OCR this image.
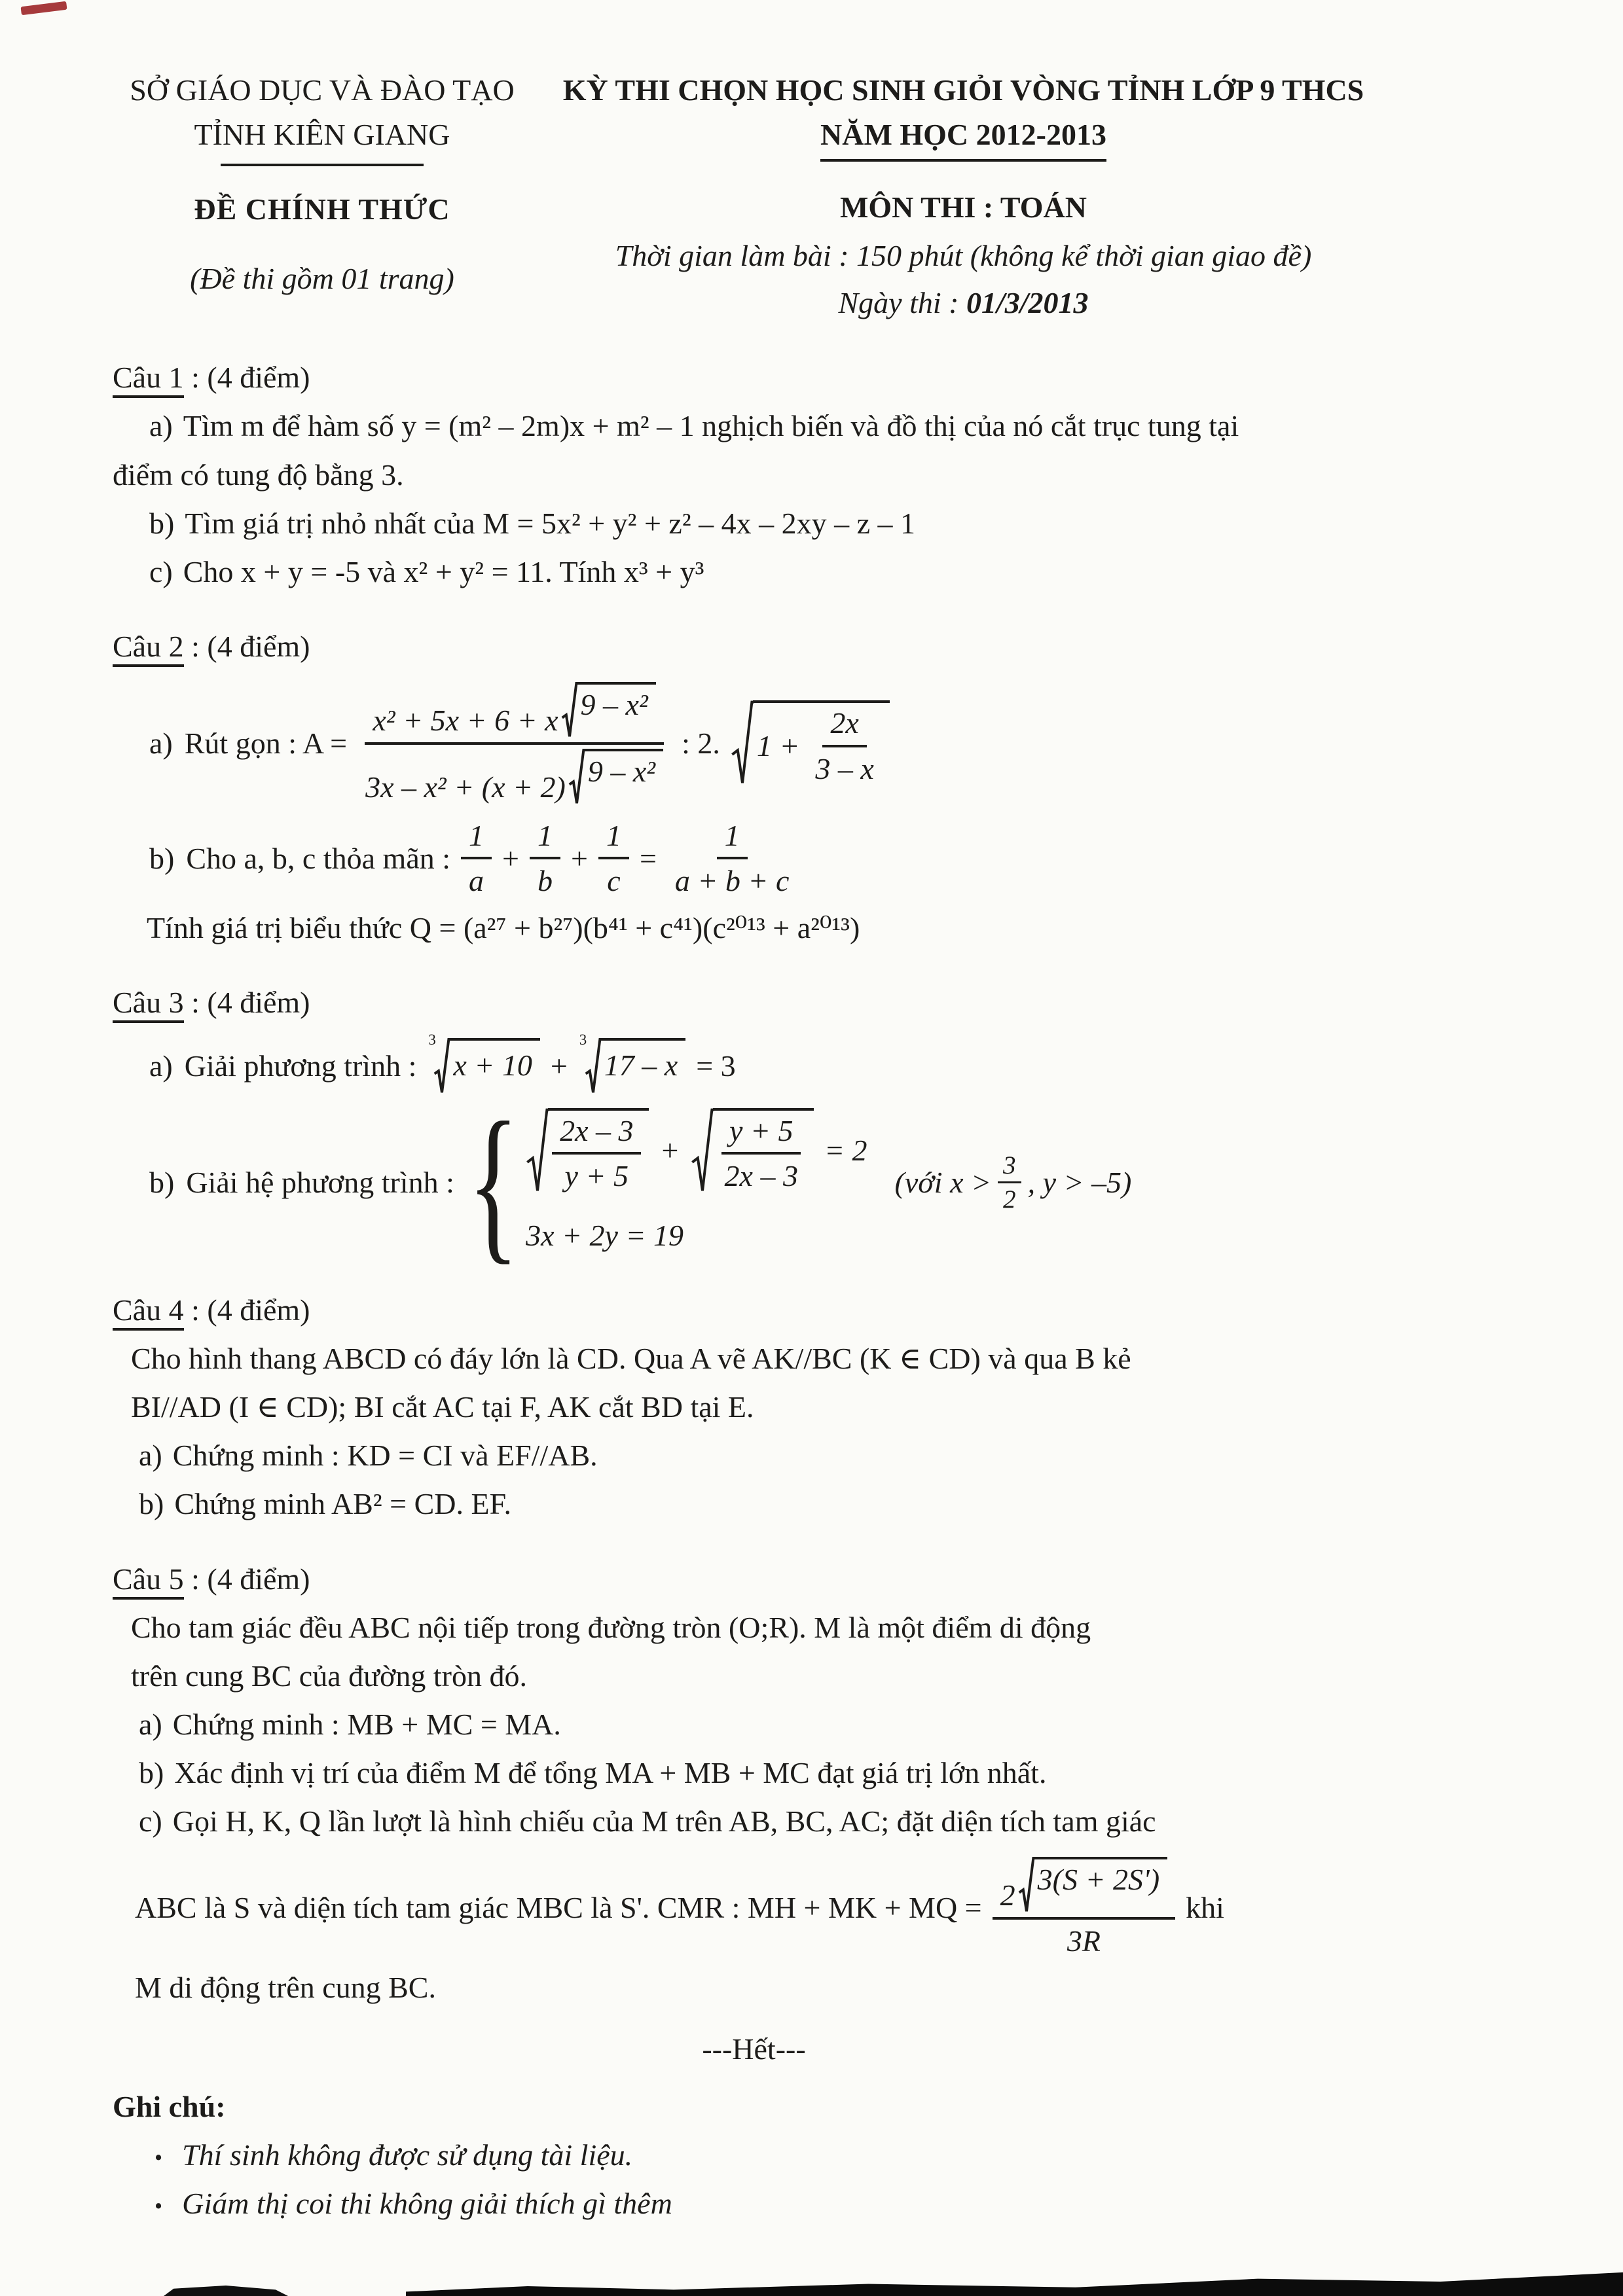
SỞ GIÁO DỤC VÀ ĐÀO TẠO
TỈNH KIÊN GIANG
ĐỀ CHÍNH THỨC
(Đề thi gồm 01 trang)
KỲ THI CHỌN HỌC SINH GIỎI VÒNG TỈNH LỚP 9 THCS
NĂM HỌC 2012-2013
MÔN THI : TOÁN
Thời gian làm bài : 150 phút (không kể thời gian giao đề)
Ngày thi : 01/3/2013
Câu 1 : (4 điểm)
a) Tìm m để hàm số y = (m² – 2m)x + m² – 1 nghịch biến và đồ thị của nó cắt trục tung tại
điểm có tung độ bằng 3.
b) Tìm giá trị nhỏ nhất của M = 5x² + y² + z² – 4x – 2xy – z – 1
c) Cho x + y = -5 và x² + y² = 11. Tính x³ + y³
Câu 2 : (4 điểm)
a) Rút gọn : $A = \frac{\text{x² + 5x + 6 + x 9 – x²}}{\text{3x – x² + (x + 2) 9 – x²}}$ : 2. $1 + \frac{2x}{3 - x}$
b) Cho a, b, c thỏa mãn : $\frac{1}{a} + \frac{1}{b} + \frac{1}{c} = \frac{1}{a + b + c}$
Tính giá trị biểu thức Q = (a²⁷ + b²⁷)(b⁴¹ + c⁴¹)(c²⁰¹³ + a²⁰¹³)
Câu 3 : (4 điểm)
a) Giải phương trình :
3
x + 10 +
3
17 – x = 3
b) Giải hệ phương trình : { $\frac{2x - 3}{y + 5} + \frac{y + 5}{2x - 3} = 2$
3x + 2y = 19
(với $x > \frac{3}{2}$ , y > –5)
Câu 4 : (4 điểm)
Cho hình thang ABCD có đáy lớn là CD. Qua A vẽ AK//BC (K ∈ CD) và qua B kẻ
BI//AD (I ∈ CD); BI cắt AC tại F, AK cắt BD tại E.
a) Chứng minh : KD = CI và EF//AB.
b) Chứng minh AB² = CD. EF.
Câu 5 : (4 điểm)
Cho tam giác đều ABC nội tiếp trong đường tròn (O;R). M là một điểm di động
trên cung BC của đường tròn đó.
a) Chứng minh : MB + MC = MA.
b) Xác định vị trí của điểm M để tổng MA + MB + MC đạt giá trị lớn nhất.
c) Gọi H, K, Q lần lượt là hình chiếu của M trên AB, BC, AC; đặt diện tích tam giác
ABC là S và diện tích tam giác MBC là S'. CMR : MH + MK + MQ = $\frac{2 3(S + 2S')}{3R}$ khi
M di động trên cung BC.
---Hết---
Ghi chú:
• Thí sinh không được sử dụng tài liệu.
• Giám thị coi thi không giải thích gì thêm
